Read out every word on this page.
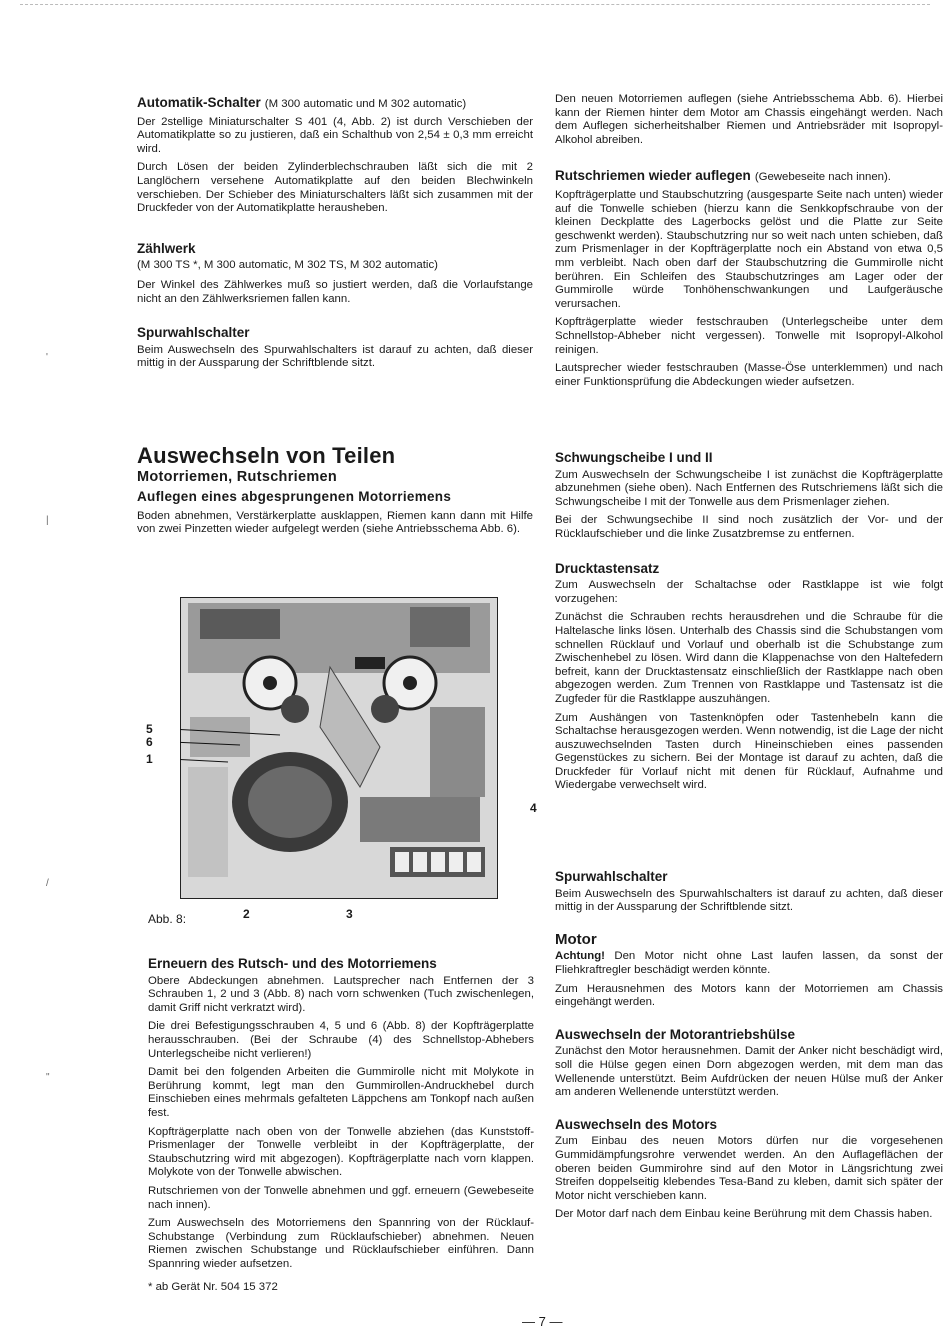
'
|
/
"
Automatik-Schalter (M 300 automatic und M 302 automatic)

Der 2stellige Miniaturschalter S 401 (4, Abb. 2) ist durch Verschieben der Automatikplatte so zu justieren, daß ein Schalthub von 2,54 ± 0,3 mm erreicht wird.

Durch Lösen der beiden Zylinderblechschrauben läßt sich die mit 2 Langlöchern versehene Automatikplatte auf den beiden Blechwinkeln verschieben. Der Schieber des Miniaturschalters läßt sich zusammen mit der Druckfeder von der Automatikplatte herausheben.

Zählwerk

(M 300 TS *, M 300 automatic, M 302 TS, M 302 automatic)

Der Winkel des Zählwerkes muß so justiert werden, daß die Vorlaufstange nicht an den Zählwerksriemen fallen kann.

Spurwahlschalter

Beim Auswechseln des Spurwahlschalters ist darauf zu achten, daß dieser mittig in der Aussparung der Schriftblende sitzt.

Auswechseln von Teilen
Motorriemen, Rutschriemen
Auflegen eines abgesprungenen Motorriemens

Boden abnehmen, Verstärkerplatte ausklappen, Riemen kann dann mit Hilfe von zwei Pinzetten wieder aufgelegt werden (siehe Antriebsschema Abb. 6).

5
6
1
4
2	3
Abb. 8:
Erneuern des Rutsch- und des Motorriemens

Obere Abdeckungen abnehmen. Lautsprecher nach Entfernen der 3 Schrauben 1, 2 und 3 (Abb. 8) nach vorn schwenken (Tuch zwischenlegen, damit Griff nicht verkratzt wird).

Die drei Befestigungsschrauben 4, 5 und 6 (Abb. 8) der Kopfträgerplatte herausschrauben. (Bei der Schraube (4) des Schnellstop-Abhebers Unterlegscheibe nicht verlieren!)

Damit bei den folgenden Arbeiten die Gummirolle nicht mit Molykote in Berührung kommt, legt man den Gummirollen-Andruckhebel durch Einschieben eines mehrmals gefalteten Läppchens am Tonkopf nach außen fest.

Kopfträgerplatte nach oben von der Tonwelle abziehen (das Kunststoff-Prismenlager der Tonwelle verbleibt in der Kopfträgerplatte, der Staubschutzring wird mit abgezogen). Kopfträgerplatte nach vorn klappen. Molykote von der Tonwelle abwischen.

Rutschriemen von der Tonwelle abnehmen und ggf. erneuern (Gewebeseite nach innen).

Zum Auswechseln des Motorriemens den Spannring von der Rücklauf-Schubstange (Verbindung zum Rücklaufschieber) abnehmen. Neuen Riemen zwischen Schubstange und Rücklaufschieber einführen. Dann Spannring wieder aufsetzen.

* ab Gerät Nr. 504 15 372

Den neuen Motorriemen auflegen (siehe Antriebsschema Abb. 6). Hierbei kann der Riemen hinter dem Motor am Chassis eingehängt werden. Nach dem Auflegen sicherheitshalber Riemen und Antriebsräder mit Isopropyl-Alkohol abreiben.

Rutschriemen wieder auflegen (Gewebeseite nach innen).

Kopfträgerplatte und Staubschutzring (ausgesparte Seite nach unten) wieder auf die Tonwelle schieben (hierzu kann die Senkkopfschraube von der kleinen Deckplatte des Lagerbocks gelöst und die Platte zur Seite geschwenkt werden). Staubschutzring nur so weit nach unten schieben, daß zum Prismenlager in der Kopfträgerplatte noch ein Abstand von etwa 0,5 mm verbleibt. Nach oben darf der Staubschutzring die Gummirolle nicht berühren. Ein Schleifen des Staubschutzringes am Lager oder der Gummirolle würde Tonhöhenschwankungen und Laufgeräusche verursachen.

Kopfträgerplatte wieder festschrauben (Unterlegscheibe unter dem Schnellstop-Abheber nicht vergessen). Tonwelle mit Isopropyl-Alkohol reinigen.

Lautsprecher wieder festschrauben (Masse-Öse unterklemmen) und nach einer Funktionsprüfung die Abdeckungen wieder aufsetzen.

Schwungscheibe I und II

Zum Auswechseln der Schwungscheibe I ist zunächst die Kopfträgerplatte abzunehmen (siehe oben). Nach Entfernen des Rutschriemens läßt sich die Schwungscheibe I mit der Tonwelle aus dem Prismenlager ziehen.

Bei der Schwungsechibe II sind noch zusätzlich der Vor- und der Rücklaufschieber und die linke Zusatzbremse zu entfernen.

Drucktastensatz

Zum Auswechseln der Schaltachse oder Rastklappe ist wie folgt vorzugehen:

Zunächst die Schrauben rechts herausdrehen und die Schraube für die Haltelasche links lösen. Unterhalb des Chassis sind die Schubstangen vom schnellen Rücklauf und Vorlauf und oberhalb ist die Schubstange zum Zwischenhebel zu lösen. Wird dann die Klappenachse von den Haltefedern befreit, kann der Drucktastensatz einschließlich der Rastklappe nach oben abgezogen werden. Zum Trennen von Rastklappe und Tastensatz ist die Zugfeder für die Rastklappe auszuhängen.

Zum Aushängen von Tastenknöpfen oder Tastenhebeln kann die Schaltachse herausgezogen werden. Wenn notwendig, ist die Lage der nicht auszuwechselnden Tasten durch Hineinschieben eines passenden Gegenstückes zu sichern. Bei der Montage ist darauf zu achten, daß die Druckfeder für Vorlauf nicht mit denen für Rücklauf, Aufnahme und Wiedergabe verwechselt wird.

Spurwahlschalter

Beim Auswechseln des Spurwahlschalters ist darauf zu achten, daß dieser mittig in der Aussparung der Schriftblende sitzt.

Motor

Achtung! Den Motor nicht ohne Last laufen lassen, da sonst der Fliehkraftregler beschädigt werden könnte.

Zum Herausnehmen des Motors kann der Motorriemen am Chassis eingehängt werden.

Auswechseln der Motorantriebshülse

Zunächst den Motor herausnehmen. Damit der Anker nicht beschädigt wird, soll die Hülse gegen einen Dorn abgezogen werden, mit dem man das Wellenende unterstützt. Beim Aufdrücken der neuen Hülse muß der Anker am anderen Wellenende unterstützt werden.

Auswechseln des Motors

Zum Einbau des neuen Motors dürfen nur die vorgesehenen Gummidämpfungsrohre verwendet werden. An den Auflageflächen der oberen beiden Gummirohre sind auf den Motor in Längsrichtung zwei Streifen doppelseitig klebendes Tesa-Band zu kleben, damit sich später der Motor nicht verschieben kann.

Der Motor darf nach dem Einbau keine Berührung mit dem Chassis haben.

— 7 —
